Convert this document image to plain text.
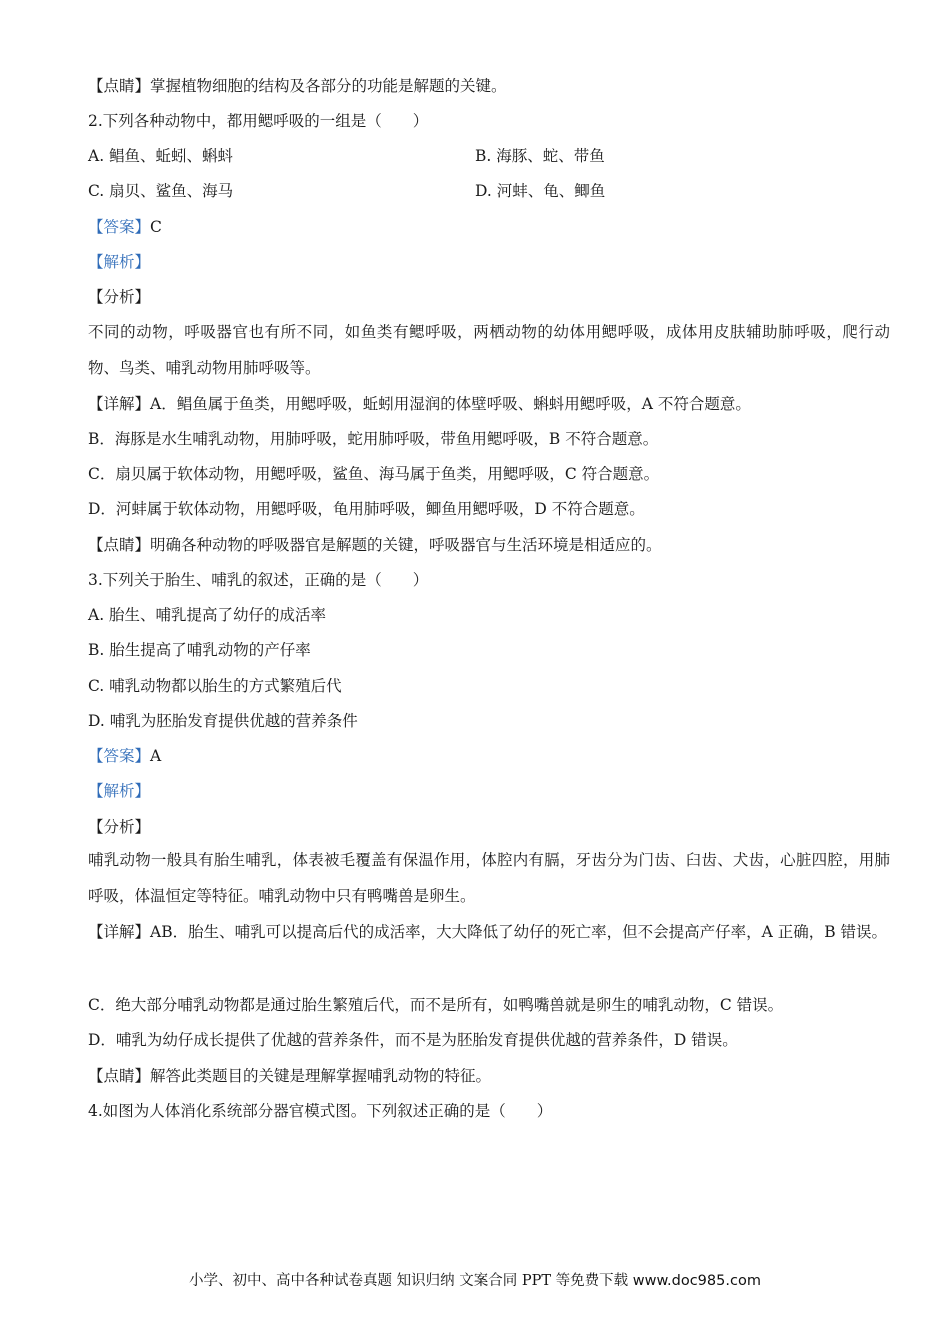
【点睛】掌握植物细胞的结构及各部分的功能是解题的关键。
2.下列各种动物中，都用鳃呼吸的一组是（　　）
A. 鲳鱼、蚯蚓、蝌蚪	B. 海豚、蛇、带鱼
C. 扇贝、鲨鱼、海马	D. 河蚌、龟、鲫鱼
【答案】C
【解析】
【分析】
不同的动物，呼吸器官也有所不同，如鱼类有鳃呼吸，两栖动物的幼体用鳃呼吸，成体用皮肤辅助肺呼吸，爬行动物、鸟类、哺乳动物用肺呼吸等。
【详解】A．鲳鱼属于鱼类，用鳃呼吸，蚯蚓用湿润的体壁呼吸、蝌蚪用鳃呼吸，A 不符合题意。
B．海豚是水生哺乳动物，用肺呼吸，蛇用肺呼吸，带鱼用鳃呼吸，B 不符合题意。
C．扇贝属于软体动物，用鳃呼吸，鲨鱼、海马属于鱼类，用鳃呼吸，C 符合题意。
D．河蚌属于软体动物，用鳃呼吸，龟用肺呼吸，鲫鱼用鳃呼吸，D 不符合题意。
【点睛】明确各种动物的呼吸器官是解题的关键，呼吸器官与生活环境是相适应的。
3.下列关于胎生、哺乳的叙述，正确的是（　　）
A. 胎生、哺乳提高了幼仔的成活率
B. 胎生提高了哺乳动物的产仔率
C. 哺乳动物都以胎生的方式繁殖后代
D. 哺乳为胚胎发育提供优越的营养条件
【答案】A
【解析】
【分析】
哺乳动物一般具有胎生哺乳，体表被毛覆盖有保温作用，体腔内有膈，牙齿分为门齿、臼齿、犬齿，心脏四腔，用肺呼吸，体温恒定等特征。哺乳动物中只有鸭嘴兽是卵生。
【详解】AB．胎生、哺乳可以提高后代的成活率，大大降低了幼仔的死亡率，但不会提高产仔率，A 正确，B 错误。
C．绝大部分哺乳动物都是通过胎生繁殖后代，而不是所有，如鸭嘴兽就是卵生的哺乳动物，C 错误。
D．哺乳为幼仔成长提供了优越的营养条件，而不是为胚胎发育提供优越的营养条件，D 错误。
【点睛】解答此类题目的关键是理解掌握哺乳动物的特征。
4.如图为人体消化系统部分器官模式图。下列叙述正确的是（　　）
小学、初中、高中各种试卷真题 知识归纳 文案合同 PPT 等免费下载 www.doc985.com
